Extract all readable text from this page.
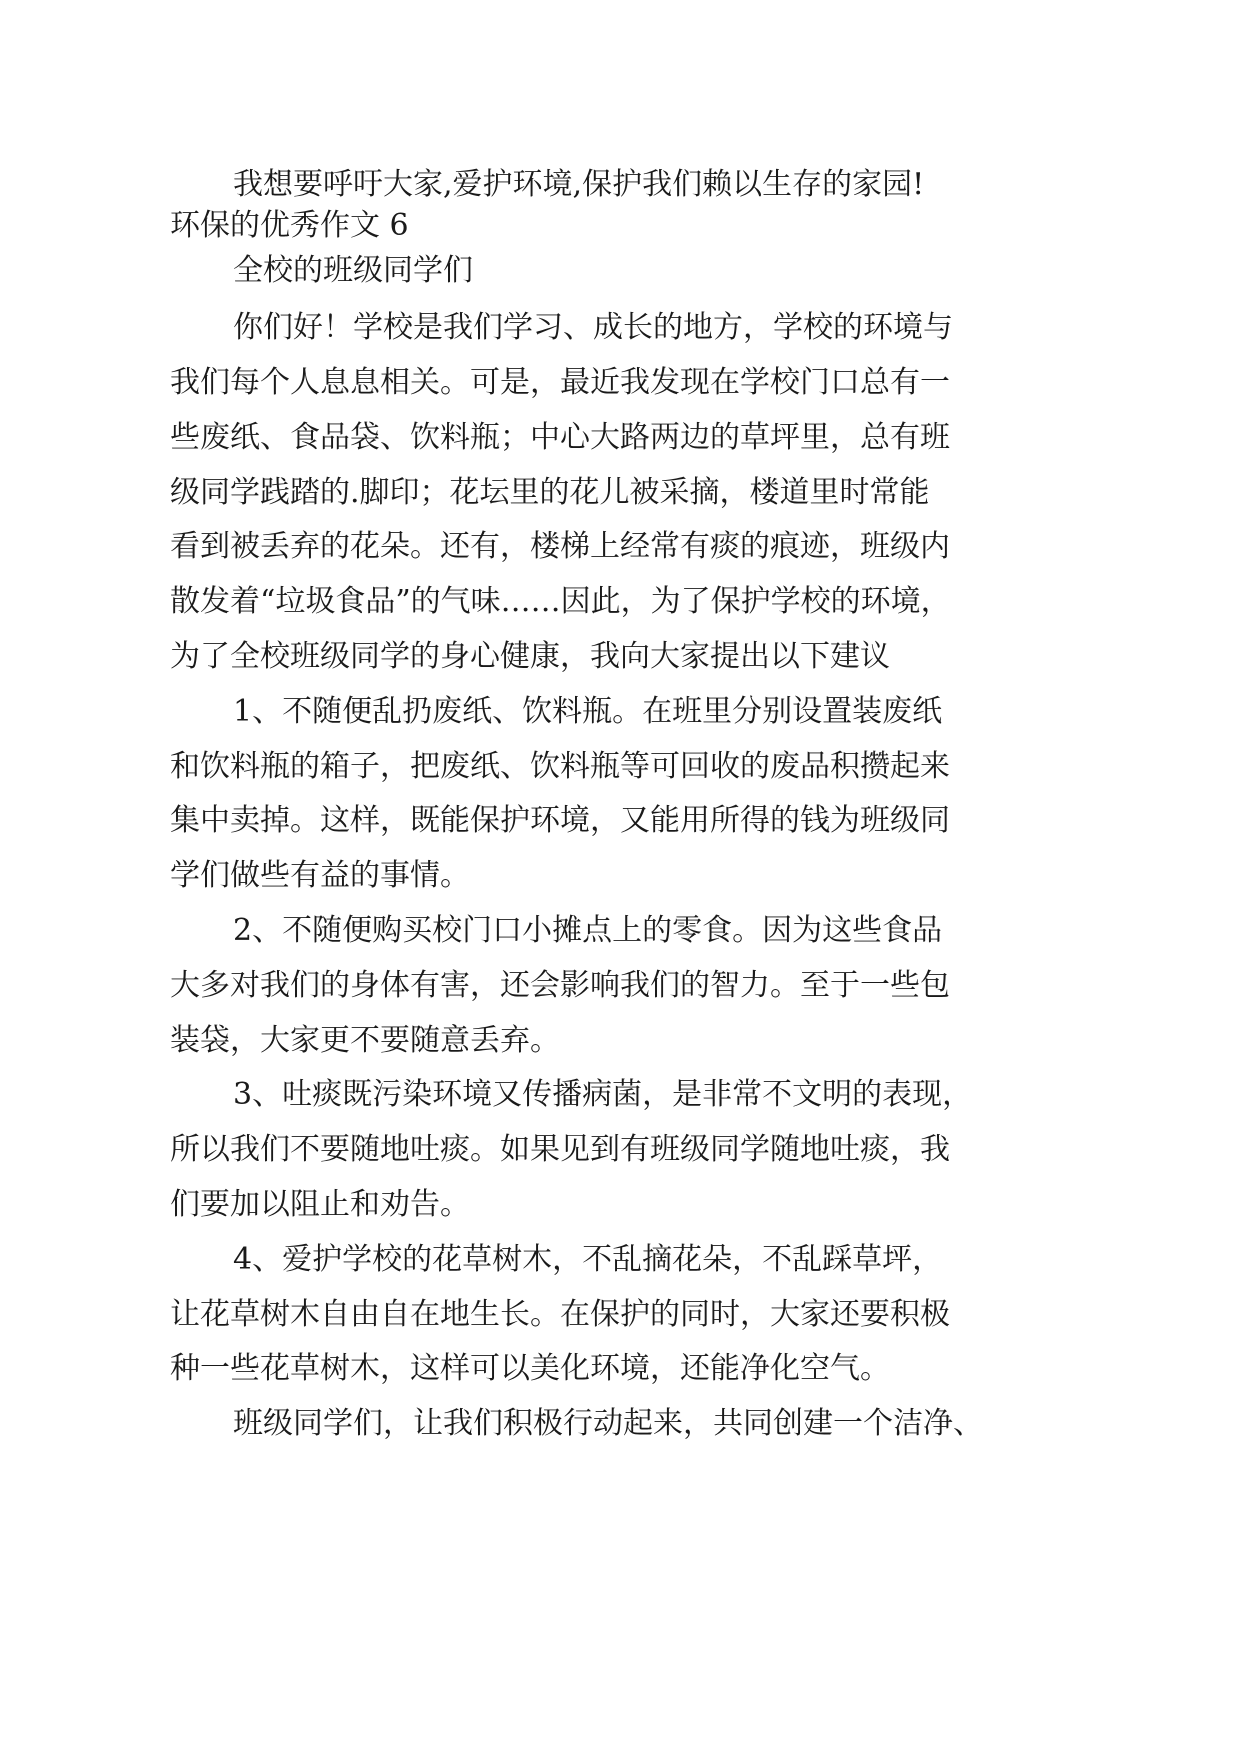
我想要呼吁大家,爱护环境,保护我们赖以生存的家园!
环保的优秀作文 6
全校的班级同学们
你们好！学校是我们学习、成长的地方，学校的环境与
我们每个人息息相关。可是，最近我发现在学校门口总有一
些废纸、食品袋、饮料瓶；中心大路两边的草坪里，总有班
级同学践踏的.脚印；花坛里的花儿被采摘，楼道里时常能
看到被丢弃的花朵。还有，楼梯上经常有痰的痕迹，班级内
散发着“垃圾食品”的气味……因此，为了保护学校的环境，
为了全校班级同学的身心健康，我向大家提出以下建议
1、不随便乱扔废纸、饮料瓶。在班里分别设置装废纸
和饮料瓶的箱子，把废纸、饮料瓶等可回收的废品积攒起来
集中卖掉。这样，既能保护环境，又能用所得的钱为班级同
学们做些有益的事情。
2、不随便购买校门口小摊点上的零食。因为这些食品
大多对我们的身体有害，还会影响我们的智力。至于一些包
装袋，大家更不要随意丢弃。
3、吐痰既污染环境又传播病菌，是非常不文明的表现，
所以我们不要随地吐痰。如果见到有班级同学随地吐痰，我
们要加以阻止和劝告。
4、爱护学校的花草树木，不乱摘花朵，不乱踩草坪，
让花草树木自由自在地生长。在保护的同时，大家还要积极
种一些花草树木，这样可以美化环境，还能净化空气。
班级同学们，让我们积极行动起来，共同创建一个洁净、
